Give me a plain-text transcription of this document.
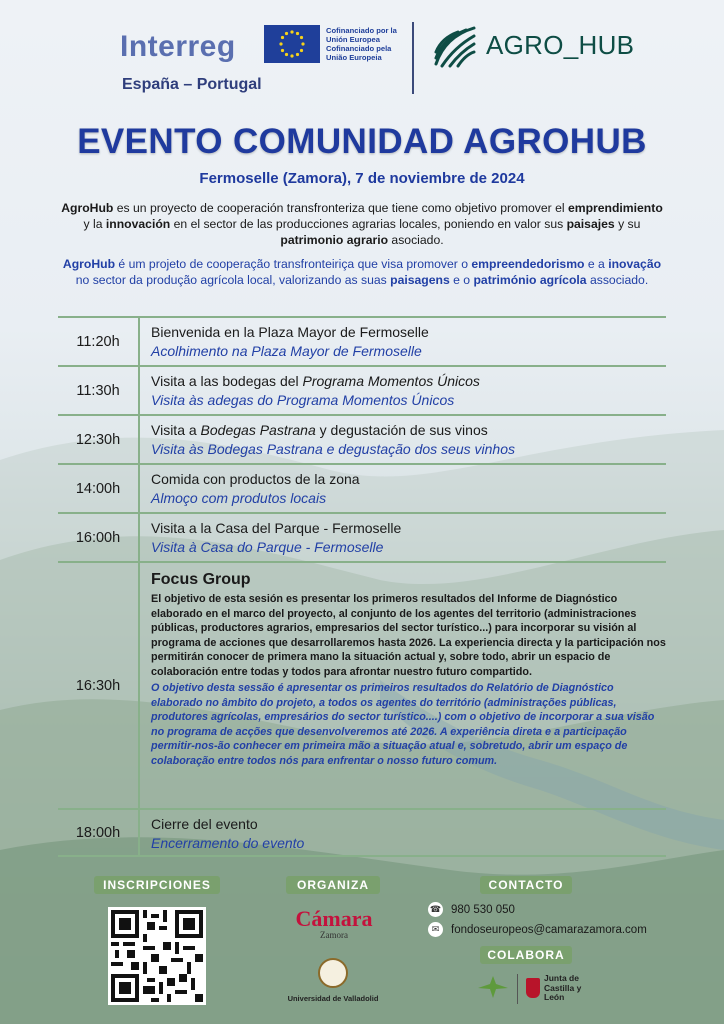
Interreg
España – Portugal
Cofinanciado por la Unión Europea Cofinanciado pela União Europeia	AGRO_HUB
EVENTO COMUNIDAD AGROHUB
Fermoselle (Zamora), 7 de noviembre de 2024

AgroHub es un proyecto de cooperación transfronteriza que tiene como objetivo promover el emprendimiento y la innovación en el sector de las producciones agrarias locales, poniendo en valor sus paisajes y su patrimonio agrario asociado.

AgroHub é um projeto de cooperação transfronteiriça que visa promover o empreendedorismo e a inovação no sector da produção agrícola local, valorizando as suas paisagens e o património agrícola associado.

11:20h
Bienvenida en la Plaza Mayor de Fermoselle
Acolhimento na Plaza Mayor de Fermoselle
11:30h
Visita a las bodegas del Programa Momentos Únicos
Visita às adegas do Programa Momentos Únicos
12:30h
Visita a Bodegas Pastrana y degustación de sus vinos
Visita às Bodegas Pastrana e degustação dos seus vinhos
14:00h
Comida con productos de la zona
Almoço com produtos locais
16:00h
Visita a la Casa del Parque - Fermoselle
Visita à Casa do Parque - Fermoselle
16:30h
Focus Group
El objetivo de esta sesión es presentar los primeros resultados del Informe de Diagnóstico elaborado en el marco del proyecto, al conjunto de los agentes del territorio (administraciones públicas, productores agrarios, empresarios del sector turístico...) para incorporar su visión al programa de acciones que desarrollaremos hasta 2026. La experiencia directa y la participación nos permitirán conocer de primera mano la situación actual y, sobre todo, abrir un espacio de colaboración entre todas y todos para afrontar nuestro futuro compartido.
O objetivo desta sessão é apresentar os primeiros resultados do Relatório de Diagnóstico elaborado no âmbito do projeto, a todos os agentes do território (administrações públicas, produtores agrícolas, empresários do sector turístico....) com o objetivo de incorporar a sua visão no programa de acções que desenvolveremos até 2026. A experiência direta e a participação permitir-nos-ão conhecer em primeira mão a situação atual e, sobretudo, abrir um espaço de colaboração entre todos nós para enfrentar o nosso futuro comum.
18:00h
Cierre del evento
Encerramento do evento
INSCRIPCIONES	ORGANIZA
Cámara
Zamora
Universidad de Valladolid
CONTACTO
☎ 980 530 050
✉	fondoseuropeos@camarazamora.com
COLABORA
Junta de Castilla y León
